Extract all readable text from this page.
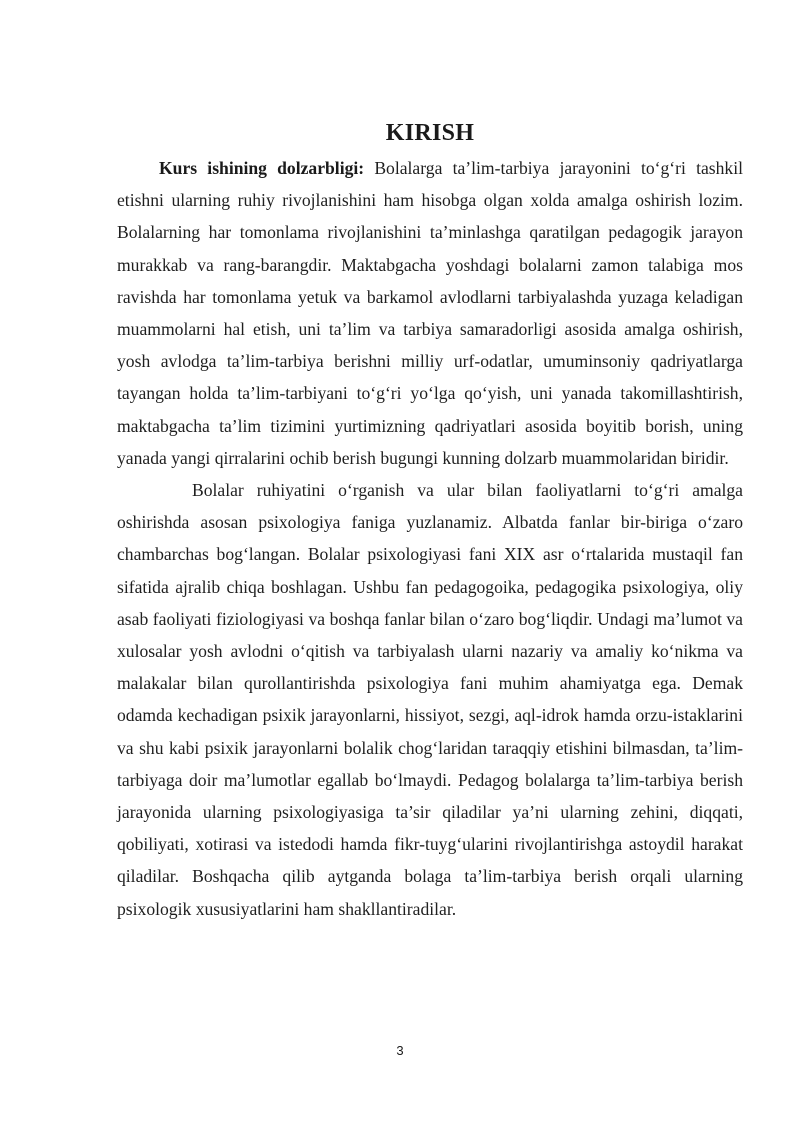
KIRISH

Kurs ishining dolzarbligi: Bolalarga ta’lim-tarbiya jarayonini to‘g‘ri tashkil etishni ularning ruhiy rivojlanishini ham hisobga olgan xolda amalga oshirish lozim. Bolalarning har tomonlama rivojlanishini ta’minlashga qaratilgan pedagogik jarayon murakkab va rang-barangdir. Maktabgacha yoshdagi bolalarni zamon talabiga mos ravishda har tomonlama yetuk va barkamol avlodlarni tarbiyalashda yuzaga keladigan muammolarni hal etish, uni ta’lim va tarbiya samaradorligi asosida amalga oshirish, yosh avlodga ta’lim-tarbiya berishni milliy urf-odatlar, umuminsoniy qadriyatlarga tayangan holda ta’lim-tarbiyani to‘g‘ri yo‘lga qo‘yish, uni yanada takomillashtirish, maktabgacha ta’lim tizimini yurtimizning qadriyatlari asosida boyitib borish, uning yanada yangi qirralarini ochib berish bugungi kunning dolzarb muammolaridan biridir.

Bolalar ruhiyatini o‘rganish va ular bilan faoliyatlarni to‘g‘ri amalga oshirishda asosan psixologiya faniga yuzlanamiz. Albatda fanlar bir-biriga o‘zaro chambarchas bog‘langan. Bolalar psixologiyasi fani XIX asr o‘rtalarida mustaqil fan sifatida ajralib chiqa boshlagan. Ushbu fan pedagogoika, pedagogika psixologiya, oliy asab faoliyati fiziologiyasi va boshqa fanlar bilan o‘zaro bog‘liqdir. Undagi ma’lumot va xulosalar yosh avlodni o‘qitish va tarbiyalash ularni nazariy va amaliy ko‘nikma va malakalar bilan qurollantirishda psixologiya fani muhim ahamiyatga ega. Demak odamda kechadigan psixik jarayonlarni, hissiyot, sezgi, aql-idrok hamda orzu-istaklarini va shu kabi psixik jarayonlarni bolalik chog‘laridan taraqqiy etishini bilmasdan, ta’lim-tarbiyaga doir ma’lumotlar egallab bo‘lmaydi. Pedagog bolalarga ta’lim-tarbiya berish jarayonida ularning psixologiyasiga ta’sir qiladilar ya’ni ularning zehini, diqqati, qobiliyati, xotirasi va istedodi hamda fikr-tuyg‘ularini rivojlantirishga astoydil harakat qiladilar. Boshqacha qilib aytganda bolaga ta’lim-tarbiya berish orqali ularning psixologik xususiyatlarini ham shakllantiradilar.

3
